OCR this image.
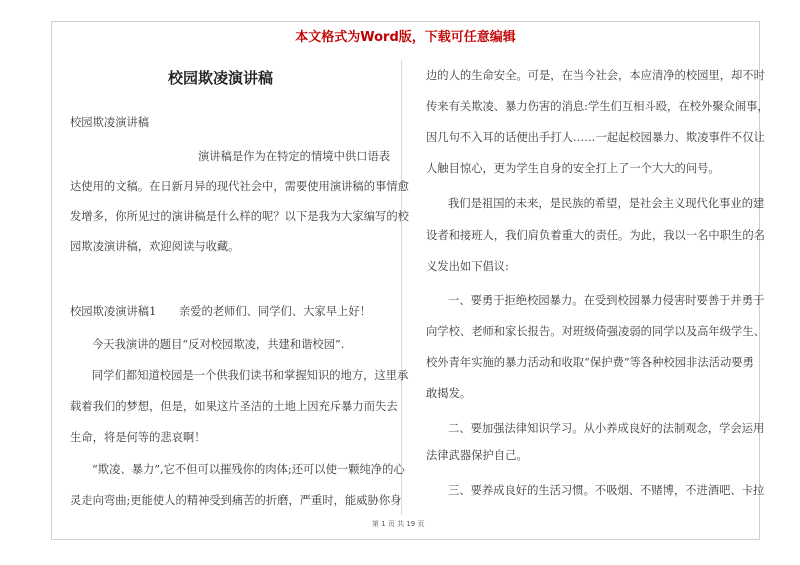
本文格式为Word版，下载可任意编辑
校园欺凌演讲稿
校园欺凌演讲稿
演讲稿是作为在特定的情境中供口语表
达使用的文稿。在日新月异的现代社会中，需要使用演讲稿的事情愈
发增多，你所见过的演讲稿是什么样的呢？以下是我为大家编写的校
园欺凌演讲稿，欢迎阅读与收藏。
校园欺凌演讲稿1　　亲爱的老师们、同学们、大家早上好！
今天我演讲的题目“反对校园欺凌，共建和谐校园”.
同学们都知道校园是一个供我们读书和掌握知识的地方，这里承
载着我们的梦想，但是，如果这片圣洁的土地上因充斥暴力而失去
生命，将是何等的悲哀啊！
“欺凌、暴力”,它不但可以摧残你的肉体;还可以使一颗纯净的心
灵走向弯曲;更能使人的精神受到痛苦的折磨，严重时，能威胁你身
边的人的生命安全。可是，在当今社会，本应清净的校园里，却不时
传来有关欺凌、暴力伤害的消息:学生们互相斗殴，在校外聚众闹事，
因几句不入耳的话便出手打人……一起起校园暴力、欺凌事件不仅让
人触目惊心，更为学生自身的安全打上了一个大大的问号。
我们是祖国的未来，是民族的希望，是社会主义现代化事业的建
设者和接班人，我们肩负着重大的责任。为此，我以一名中职生的名
义发出如下倡议:
一、要勇于拒绝校园暴力。在受到校园暴力侵害时要善于并勇于
向学校、老师和家长报告。对班级倚强凌弱的同学以及高年级学生、
校外青年实施的暴力活动和收取“保护费”等各种校园非法活动要勇
敢揭发。
二、要加强法律知识学习。从小养成良好的法制观念，学会运用
法律武器保护自己。
三、要养成良好的生活习惯。不吸烟、不赌博，不进酒吧、卡拉
第 1 页 共 19 页
